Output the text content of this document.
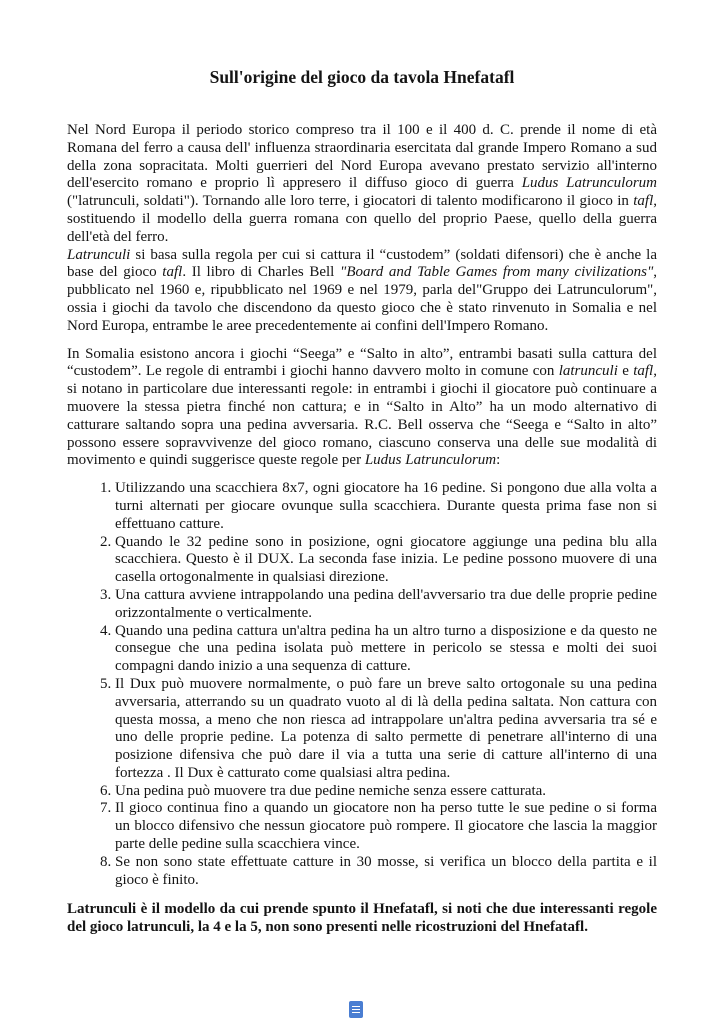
Sull'origine del gioco da tavola Hnefatafl

Nel Nord Europa il periodo storico compreso tra il 100 e il 400 d. C. prende il nome di età Romana del ferro a causa dell' influenza straordinaria esercitata dal grande Impero Romano a sud della zona sopracitata. Molti guerrieri del Nord Europa avevano prestato servizio all'interno dell'esercito romano e proprio lì appresero il diffuso gioco di guerra Ludus Latrunculorum ("latrunculi, soldati"). Tornando alle loro terre, i giocatori di talento modificarono il gioco in tafl, sostituendo il modello della guerra romana con quello del proprio Paese, quello della guerra dell'età del ferro.

Latrunculi si basa sulla regola per cui si cattura il “custodem” (soldati difensori) che è anche la base del gioco tafl. Il libro di Charles Bell "Board and Table Games from many civilizations", pubblicato nel 1960 e, ripubblicato nel 1969 e nel 1979, parla del"Gruppo dei Latrunculorum", ossia i giochi da tavolo che discendono da questo gioco che è stato rinvenuto in Somalia e nel Nord Europa, entrambe le aree precedentemente ai confini dell'Impero Romano.

In Somalia esistono ancora i giochi “Seega” e “Salto in alto”, entrambi basati sulla cattura del “custodem”. Le regole di entrambi i giochi hanno davvero molto in comune con latrunculi e tafl, si notano in particolare due interessanti regole: in entrambi i giochi il giocatore può continuare a muovere la stessa pietra finché non cattura; e in “Salto in Alto” ha un modo alternativo di catturare saltando sopra una pedina avversaria. R.C. Bell osserva che “Seega e “Salto in alto” possono essere sopravvivenze del gioco romano, ciascuno conserva una delle sue modalità di movimento e quindi suggerisce queste regole per Ludus Latrunculorum:

1. Utilizzando una scacchiera 8x7, ogni giocatore ha 16 pedine. Si pongono due alla volta a turni alternati per giocare ovunque sulla scacchiera. Durante questa prima fase non si effettuano catture.
2. Quando le 32 pedine sono in posizione, ogni giocatore aggiunge una pedina blu alla scacchiera. Questo è il DUX. La seconda fase inizia. Le pedine possono muovere di una casella ortogonalmente in qualsiasi direzione.
3. Una cattura avviene intrappolando una pedina dell'avversario tra due delle proprie pedine orizzontalmente o verticalmente.
4. Quando una pedina cattura un'altra pedina ha un altro turno a disposizione e da questo ne consegue che una pedina isolata può mettere in pericolo se stessa e molti dei suoi compagni dando inizio a una sequenza di catture.
5. Il Dux può muovere normalmente, o può fare un breve salto ortogonale su una pedina avversaria, atterrando su un quadrato vuoto al di là della pedina saltata. Non cattura con questa mossa, a meno che non riesca ad intrappolare un'altra pedina avversaria tra sé e uno delle proprie pedine. La potenza di salto permette di penetrare all'interno di una posizione difensiva che può dare il via a tutta una serie di catture all'interno di una fortezza . Il Dux è catturato come qualsiasi altra pedina.
6. Una pedina può muovere tra due pedine nemiche senza essere catturata.
7. Il gioco continua fino a quando un giocatore non ha perso tutte le sue pedine o si forma un blocco difensivo che nessun giocatore può rompere. Il giocatore che lascia la maggior parte delle pedine sulla scacchiera vince.
8. Se non sono state effettuate catture in 30 mosse, si verifica un blocco della partita e il gioco è finito.

Latrunculi è il modello da cui prende spunto il Hnefatafl, si noti che due interessanti regole del gioco latrunculi, la 4 e la 5, non sono presenti nelle ricostruzioni del Hnefatafl.
